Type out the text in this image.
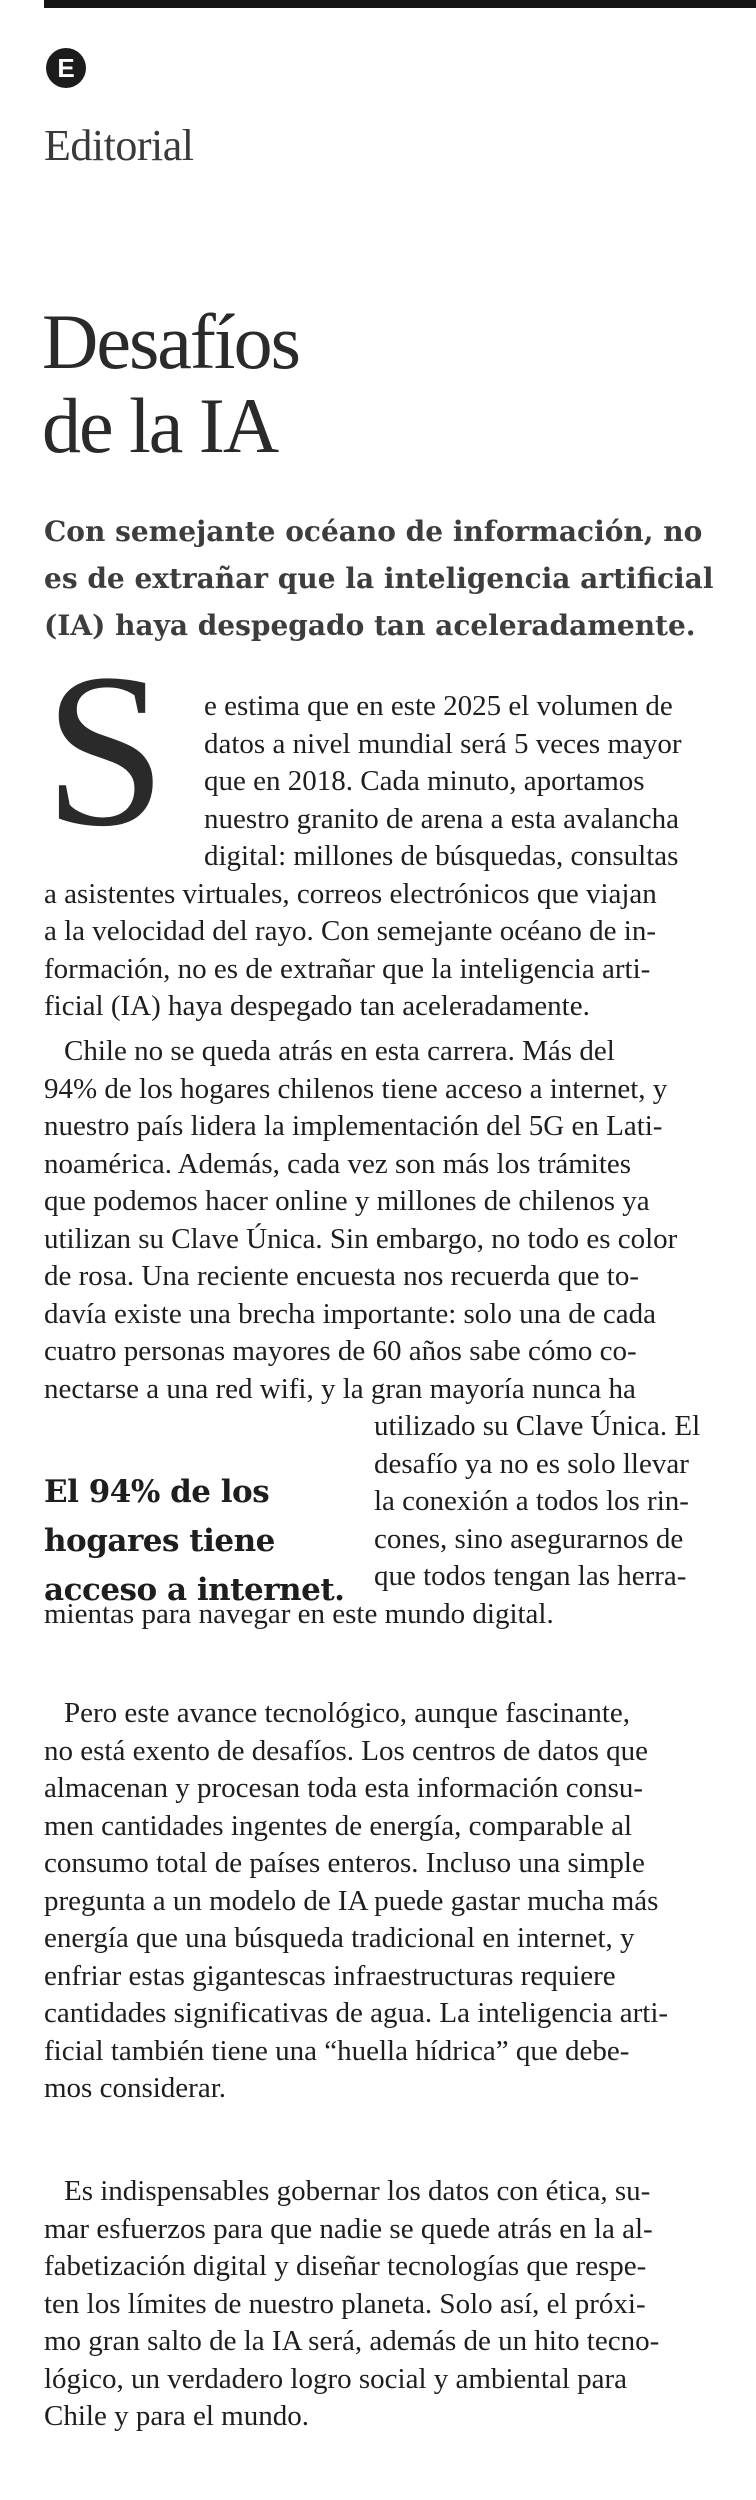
E
Editorial
Desafíos
de la IA
Con semejante océano de información, no
es de extrañar que la inteligencia artificial
(IA) haya despegado tan aceleradamente.
S	e estima que en este 2025 el volumen de
datos a nivel mundial será 5 veces mayor
que en 2018. Cada minuto, aportamos
nuestro granito de arena a esta avalancha
digital: millones de búsquedas, consultas
a asistentes virtuales, correos electrónicos que viajan
a la velocidad del rayo. Con semejante océano de in-
formación, no es de extrañar que la inteligencia arti-
ficial (IA) haya despegado tan aceleradamente.
Chile no se queda atrás en esta carrera. Más del
94% de los hogares chilenos tiene acceso a internet, y
nuestro país lidera la implementación del 5G en Lati-
noamérica. Además, cada vez son más los trámites
que podemos hacer online y millones de chilenos ya
utilizan su Clave Única. Sin embargo, no todo es color
de rosa. Una reciente encuesta nos recuerda que to-
davía existe una brecha importante: solo una de cada
cuatro personas mayores de 60 años sabe cómo co-
nectarse a una red wifi, y la gran mayoría nunca ha
utilizado su Clave Única. El
desafío ya no es solo llevar
la conexión a todos los rin-
cones, sino asegurarnos de
que todos tengan las herra-
mientas para navegar en este mundo digital.
El 94% de los
hogares tiene
acceso a internet.
Pero este avance tecnológico, aunque fascinante,
no está exento de desafíos. Los centros de datos que
almacenan y procesan toda esta información consu-
men cantidades ingentes de energía, comparable al
consumo total de países enteros. Incluso una simple
pregunta a un modelo de IA puede gastar mucha más
energía que una búsqueda tradicional en internet, y
enfriar estas gigantescas infraestructuras requiere
cantidades significativas de agua. La inteligencia arti-
ficial también tiene una “huella hídrica” que debe-
mos considerar.
Es indispensables gobernar los datos con ética, su-
mar esfuerzos para que nadie se quede atrás en la al-
fabetización digital y diseñar tecnologías que respe-
ten los límites de nuestro planeta. Solo así, el próxi-
mo gran salto de la IA será, además de un hito tecno-
lógico, un verdadero logro social y ambiental para
Chile y para el mundo.
